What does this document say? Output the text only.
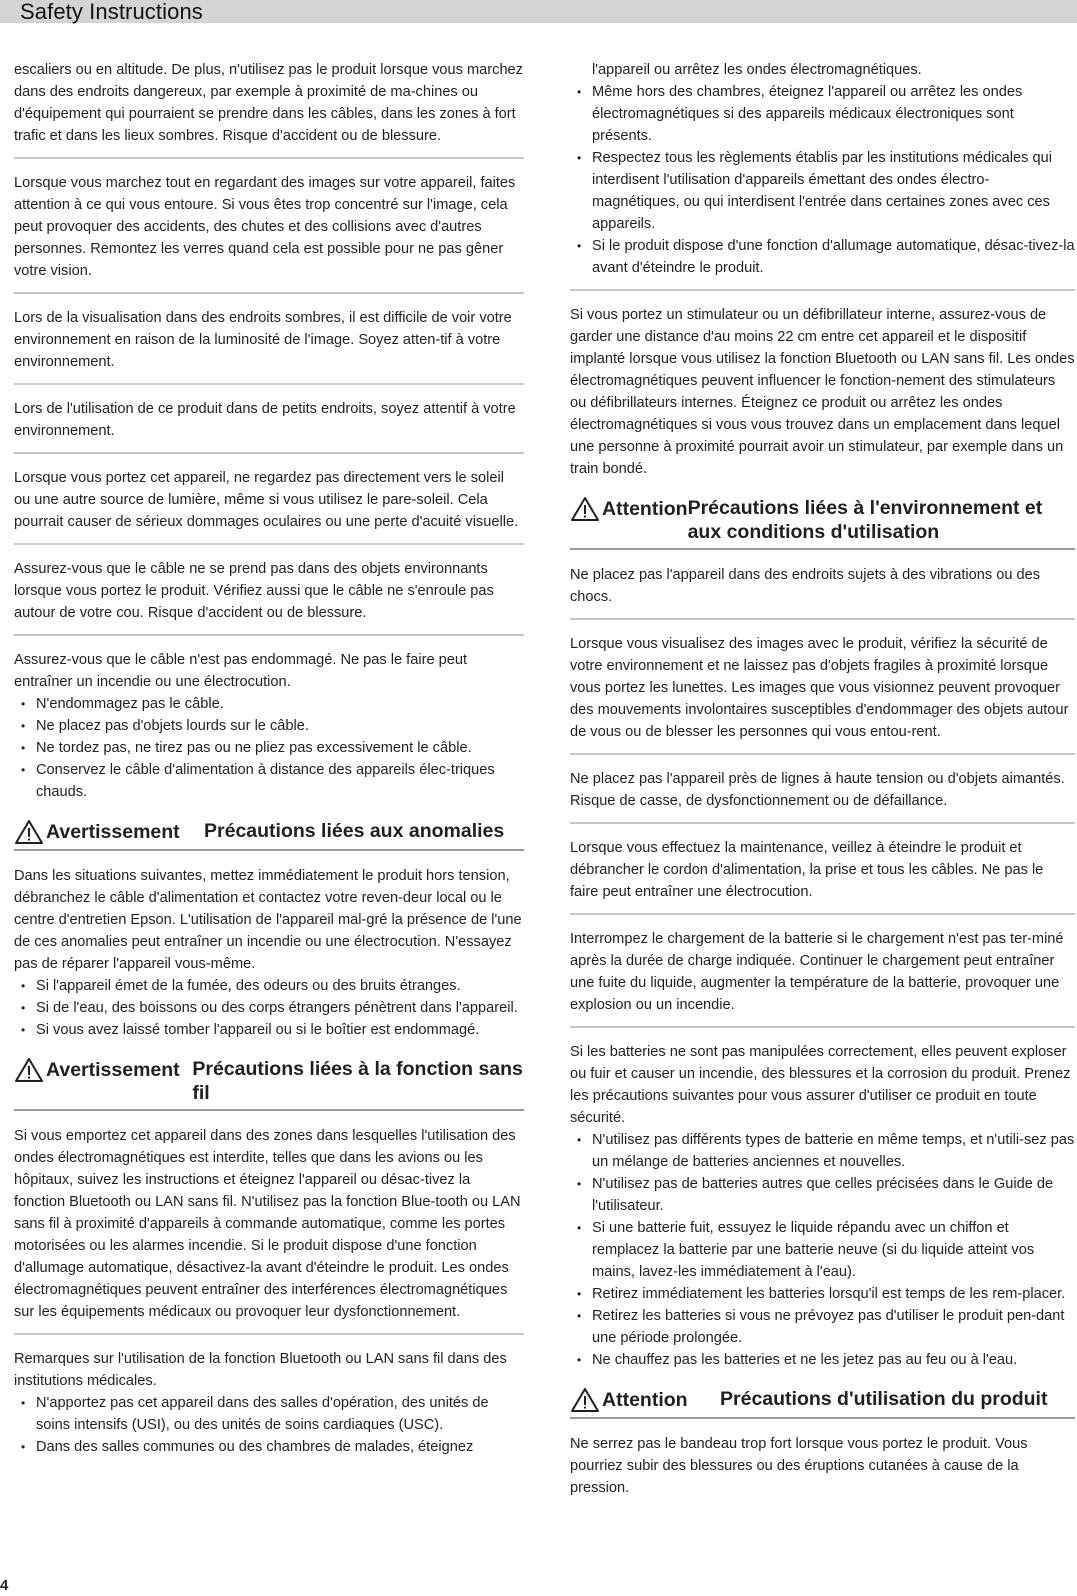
Safety Instructions

escaliers ou en altitude. De plus, n'utilisez pas le produit lorsque vous marchez dans des endroits dangereux, par exemple à proximité de ma-chines ou d'équipement qui pourraient se prendre dans les câbles, dans les zones à fort trafic et dans les lieux sombres. Risque d'accident ou de blessure.

Lorsque vous marchez tout en regardant des images sur votre appareil, faites attention à ce qui vous entoure. Si vous êtes trop concentré sur l'image, cela peut provoquer des accidents, des chutes et des collisions avec d'autres personnes. Remontez les verres quand cela est possible pour ne pas gêner votre vision.

Lors de la visualisation dans des endroits sombres, il est difficile de voir votre environnement en raison de la luminosité de l'image. Soyez atten-tif à votre environnement.

Lors de l'utilisation de ce produit dans de petits endroits, soyez attentif à votre environnement.

Lorsque vous portez cet appareil, ne regardez pas directement vers le soleil ou une autre source de lumière, même si vous utilisez le pare-soleil. Cela pourrait causer de sérieux dommages oculaires ou une perte d'acuité visuelle.

Assurez-vous que le câble ne se prend pas dans des objets environnants lorsque vous portez le produit. Vérifiez aussi que le câble ne s'enroule pas autour de votre cou. Risque d'accident ou de blessure.

Assurez-vous que le câble n'est pas endommagé. Ne pas le faire peut entraîner un incendie ou une électrocution.

• N'endommagez pas le câble.
• Ne placez pas d'objets lourds sur le câble.
• Ne tordez pas, ne tirez pas ou ne pliez pas excessivement le câble.
• Conservez le câble d'alimentation à distance des appareils élec-triques chauds.
Avertissement Précautions liées aux anomalies

Dans les situations suivantes, mettez immédiatement le produit hors tension, débranchez le câble d'alimentation et contactez votre reven-deur local ou le centre d'entretien Epson. L'utilisation de l'appareil mal-gré la présence de l'une de ces anomalies peut entraîner un incendie ou une électrocution. N'essayez pas de réparer l'appareil vous-même.

• Si l'appareil émet de la fumée, des odeurs ou des bruits étranges.
• Si de l'eau, des boissons ou des corps étrangers pénètrent dans l'appareil.
• Si vous avez laissé tomber l'appareil ou si le boîtier est endommagé.
Avertissement Précautions liées à la fonction sans fil

Si vous emportez cet appareil dans des zones dans lesquelles l'utilisation des ondes électromagnétiques est interdite, telles que dans les avions ou les hôpitaux, suivez les instructions et éteignez l'appareil ou désac-tivez la fonction Bluetooth ou LAN sans fil. N'utilisez pas la fonction Blue-tooth ou LAN sans fil à proximité d'appareils à commande automatique, comme les portes motorisées ou les alarmes incendie. Si le produit dispose d'une fonction d'allumage automatique, désactivez-la avant d'éteindre le produit. Les ondes électromagnétiques peuvent entraîner des interférences électromagnétiques sur les équipements médicaux ou provoquer leur dysfonctionnement.

Remarques sur l'utilisation de la fonction Bluetooth ou LAN sans fil dans des institutions médicales.

• N'apportez pas cet appareil dans des salles d'opération, des unités de soins intensifs (USI), ou des unités de soins cardiaques (USC).
• Dans des salles communes ou des chambres de malades, éteignez

l'appareil ou arrêtez les ondes électromagnétiques.

• Même hors des chambres, éteignez l'appareil ou arrêtez les ondes électromagnétiques si des appareils médicaux électroniques sont présents.
• Respectez tous les règlements établis par les institutions médicales qui interdisent l'utilisation d'appareils émettant des ondes électro-magnétiques, ou qui interdisent l'entrée dans certaines zones avec ces appareils.
• Si le produit dispose d'une fonction d'allumage automatique, désac-tivez-la avant d'éteindre le produit.

Si vous portez un stimulateur ou un défibrillateur interne, assurez-vous de garder une distance d'au moins 22 cm entre cet appareil et le dispositif implanté lorsque vous utilisez la fonction Bluetooth ou LAN sans fil. Les ondes électromagnétiques peuvent influencer le fonction-nement des stimulateurs ou défibrillateurs internes. Éteignez ce produit ou arrêtez les ondes électromagnétiques si vous vous trouvez dans un emplacement dans lequel une personne à proximité pourrait avoir un stimulateur, par exemple dans un train bondé.

Attention Précautions liées à l'environnement et aux conditions d'utilisation

Ne placez pas l'appareil dans des endroits sujets à des vibrations ou des chocs.

Lorsque vous visualisez des images avec le produit, vérifiez la sécurité de votre environnement et ne laissez pas d'objets fragiles à proximité lorsque vous portez les lunettes. Les images que vous visionnez peuvent provoquer des mouvements involontaires susceptibles d'endommager des objets autour de vous ou de blesser les personnes qui vous entou-rent.

Ne placez pas l'appareil près de lignes à haute tension ou d'objets aimantés. Risque de casse, de dysfonctionnement ou de défaillance.

Lorsque vous effectuez la maintenance, veillez à éteindre le produit et débrancher le cordon d'alimentation, la prise et tous les câbles. Ne pas le faire peut entraîner une électrocution.

Interrompez le chargement de la batterie si le chargement n'est pas ter-miné après la durée de charge indiquée. Continuer le chargement peut entraîner une fuite du liquide, augmenter la température de la batterie, provoquer une explosion ou un incendie.

Si les batteries ne sont pas manipulées correctement, elles peuvent exploser ou fuir et causer un incendie, des blessures et la corrosion du produit. Prenez les précautions suivantes pour vous assurer d'utiliser ce produit en toute sécurité.

• N'utilisez pas différents types de batterie en même temps, et n'utili-sez pas un mélange de batteries anciennes et nouvelles.
• N'utilisez pas de batteries autres que celles précisées dans le Guide de l'utilisateur.
• Si une batterie fuit, essuyez le liquide répandu avec un chiffon et remplacez la batterie par une batterie neuve (si du liquide atteint vos mains, lavez-les immédiatement à l'eau).
• Retirez immédiatement les batteries lorsqu'il est temps de les rem-placer.
• Retirez les batteries si vous ne prévoyez pas d'utiliser le produit pen-dant une période prolongée.
• Ne chauffez pas les batteries et ne les jetez pas au feu ou à l'eau.
Attention Précautions d'utilisation du produit

Ne serrez pas le bandeau trop fort lorsque vous portez le produit. Vous pourriez subir des blessures ou des éruptions cutanées à cause de la pression.

4
